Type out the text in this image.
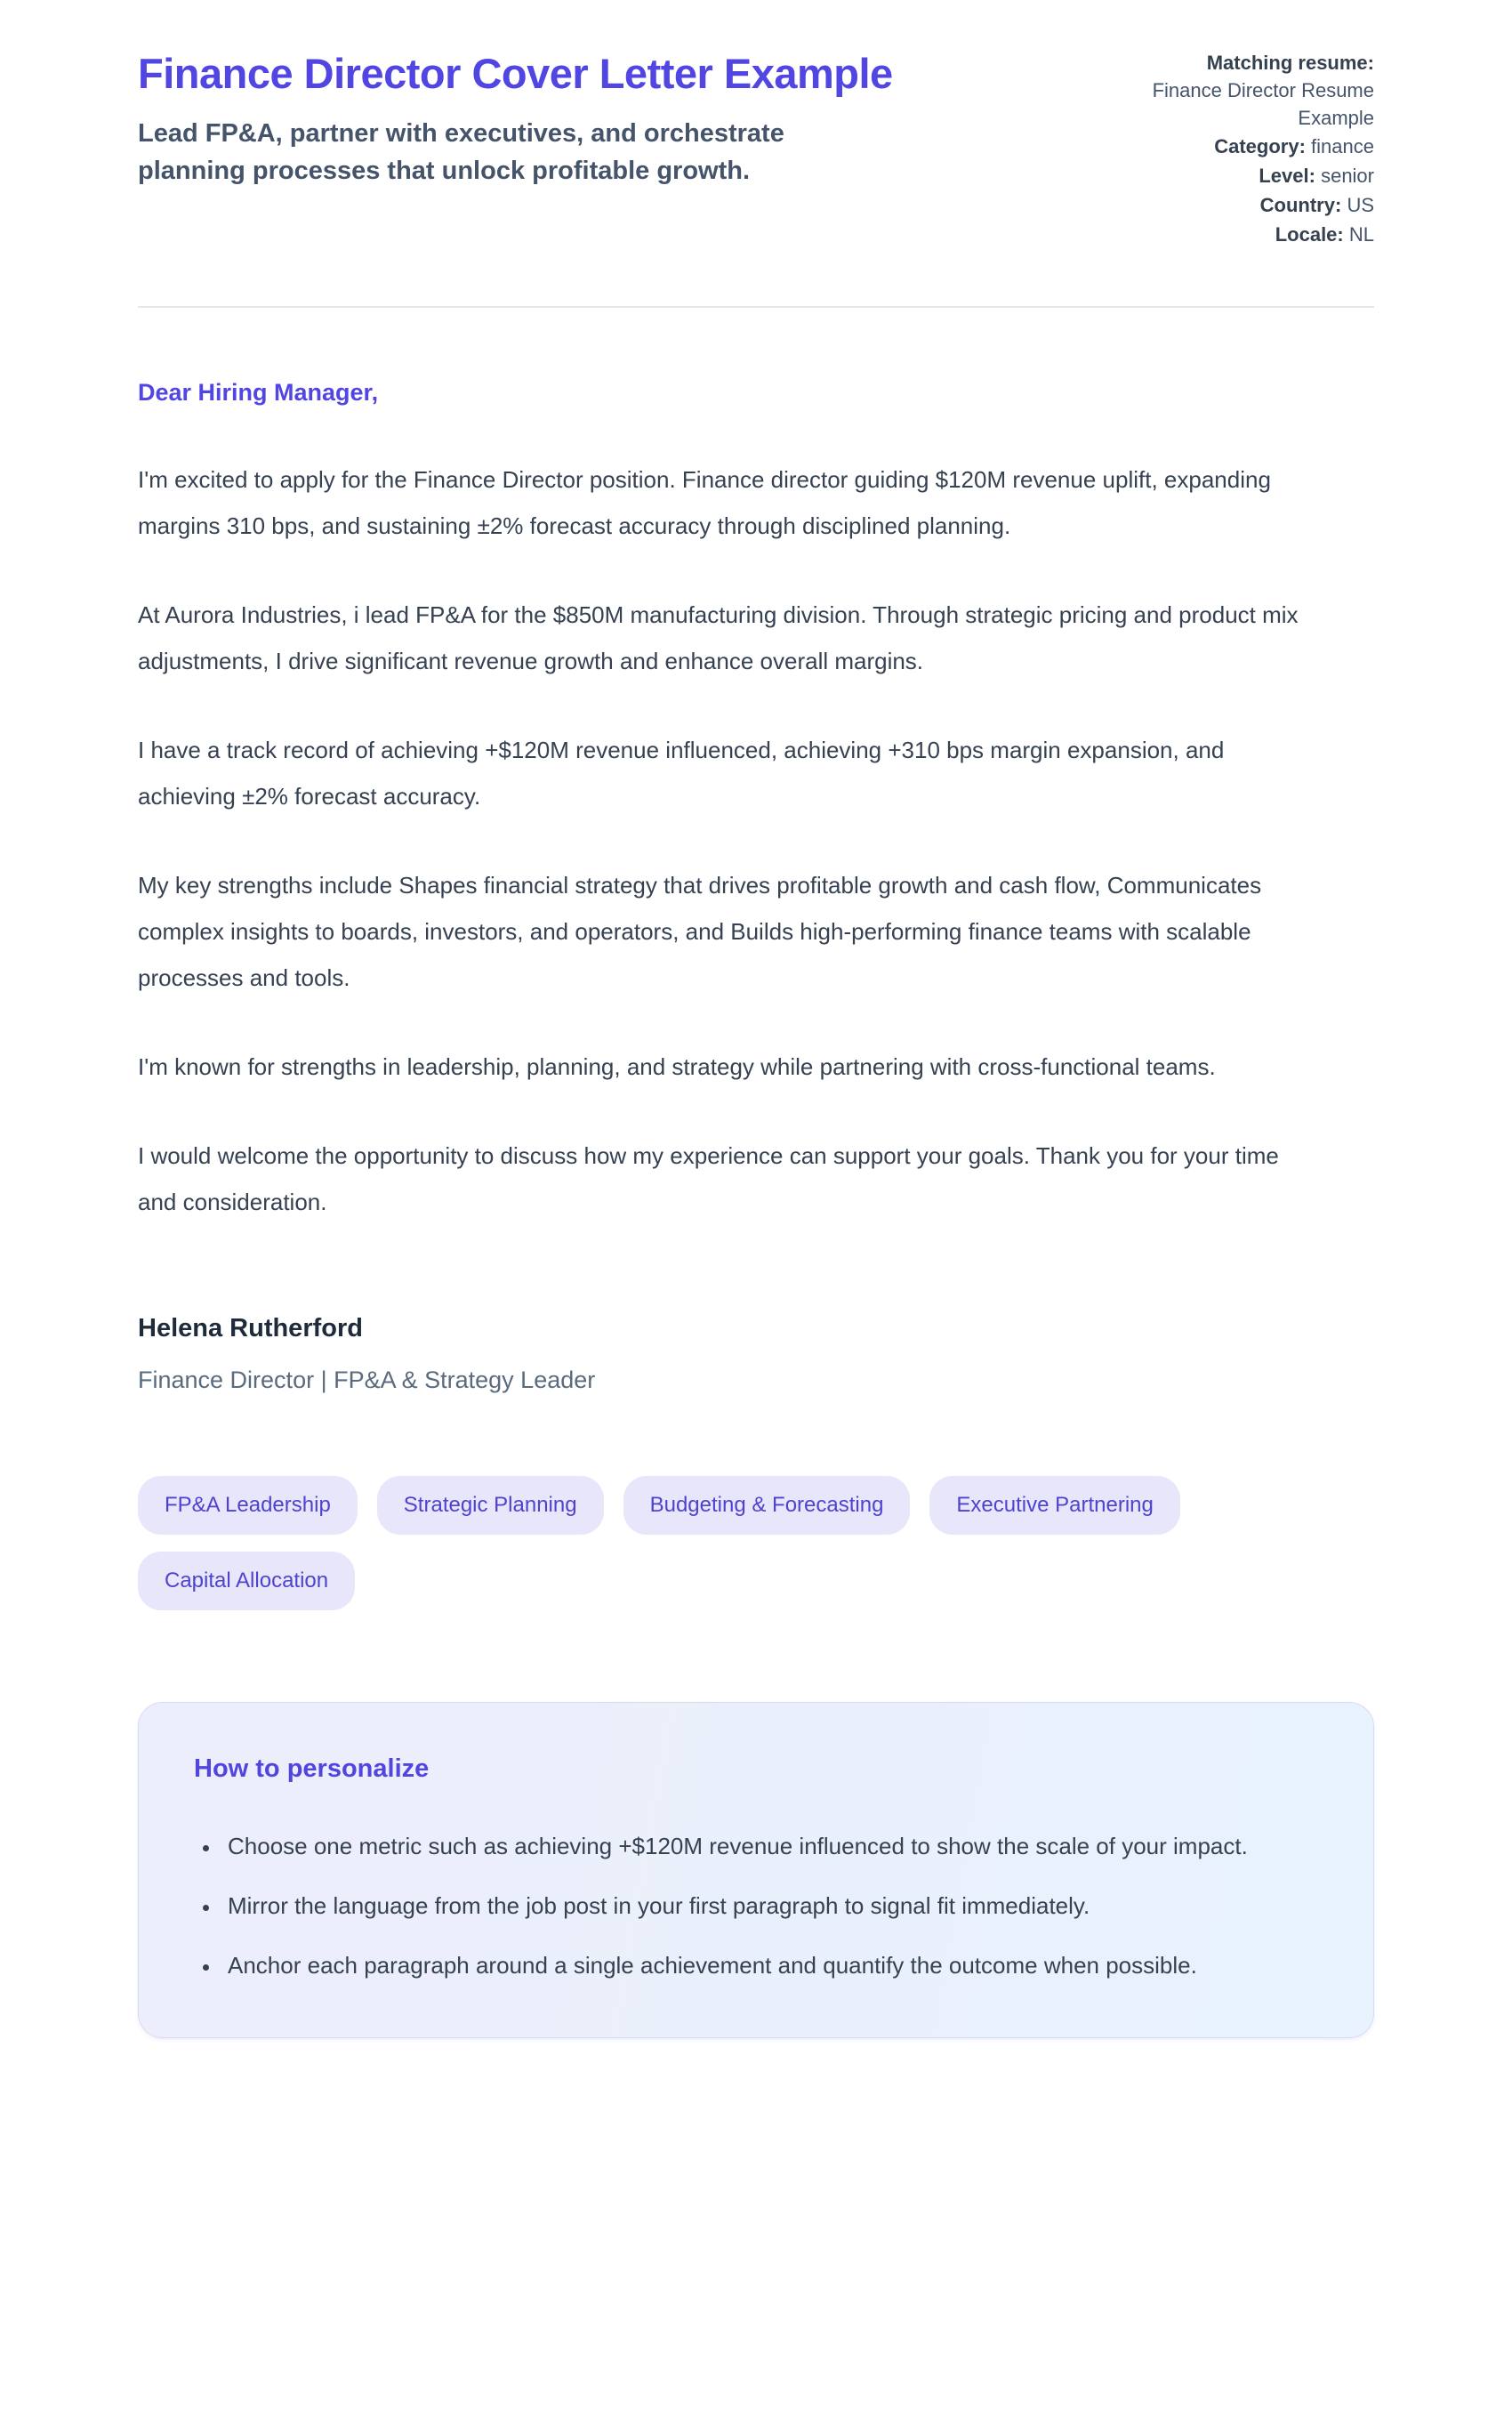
Finance Director Cover Letter Example

Lead FP&A, partner with executives, and orchestrate planning processes that unlock profitable growth.

Matching resume:
Finance Director Resume Example
Category: finance
Level: senior
Country: US
Locale: NL

Dear Hiring Manager,

I'm excited to apply for the Finance Director position. Finance director guiding $120M revenue uplift, expanding margins 310 bps, and sustaining ±2% forecast accuracy through disciplined planning.

At Aurora Industries, i lead FP&A for the $850M manufacturing division. Through strategic pricing and product mix adjustments, I drive significant revenue growth and enhance overall margins.

I have a track record of achieving +$120M revenue influenced, achieving +310 bps margin expansion, and achieving ±2% forecast accuracy.

My key strengths include Shapes financial strategy that drives profitable growth and cash flow, Communicates complex insights to boards, investors, and operators, and Builds high-performing finance teams with scalable processes and tools.

I'm known for strengths in leadership, planning, and strategy while partnering with cross-functional teams.

I would welcome the opportunity to discuss how my experience can support your goals. Thank you for your time and consideration.

Helena Rutherford

Finance Director | FP&A & Strategy Leader

FP&A Leadership	Strategic Planning	Budgeting & Forecasting	Executive Partnering
Capital Allocation
How to personalize
• Choose one metric such as achieving +$120M revenue influenced to show the scale of your impact.
• Mirror the language from the job post in your first paragraph to signal fit immediately.
• Anchor each paragraph around a single achievement and quantify the outcome when possible.
